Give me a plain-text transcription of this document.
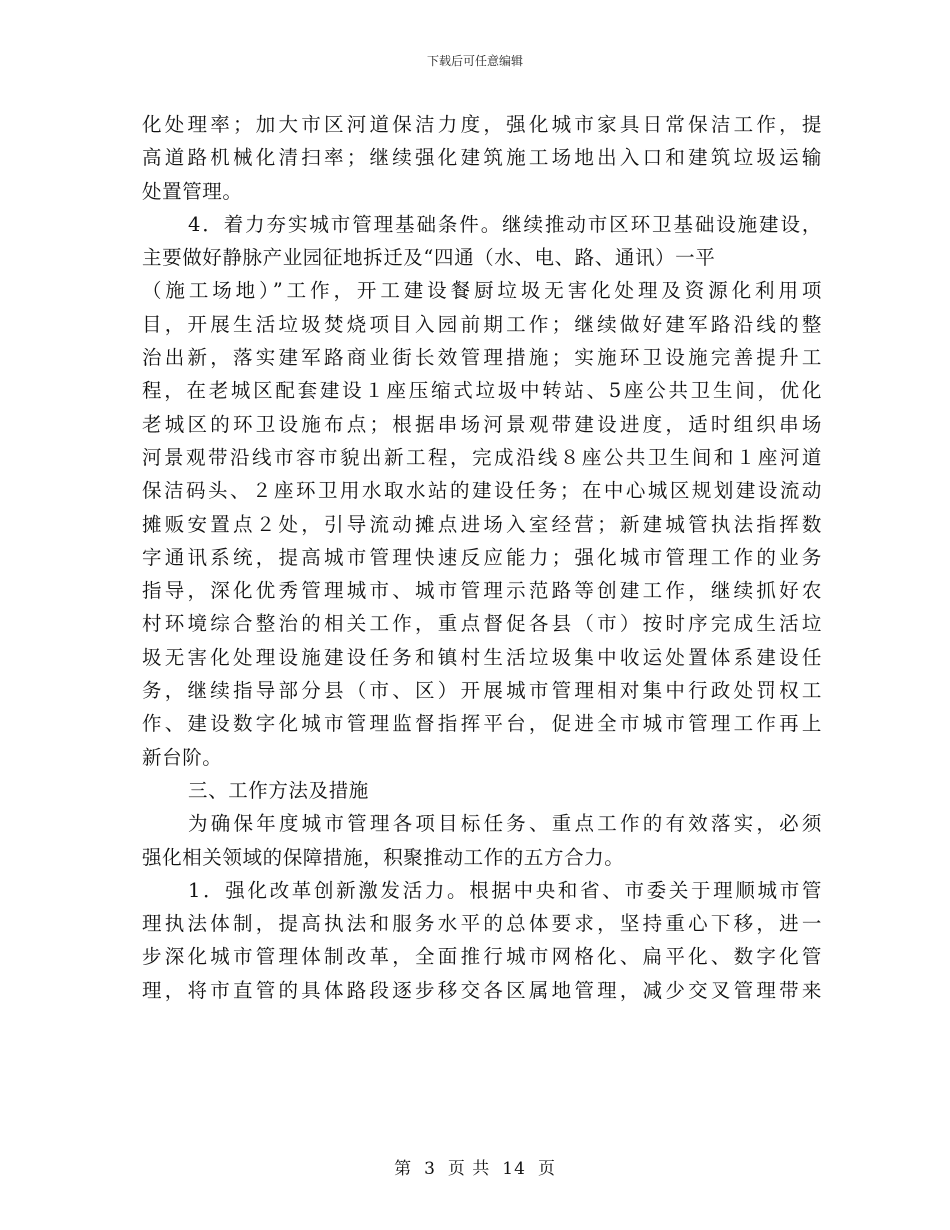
下载后可任意编辑
化处理率；加大市区河道保洁力度，强化城市家具日常保洁工作，提
高道路机械化清扫率；继续强化建筑施工场地出入口和建筑垃圾运输
处置管理。
4．着力夯实城市管理基础条件。继续推动市区环卫基础设施建设，
主要做好静脉产业园征地拆迁及“四通（水、电、路、通讯）一平
（施工场地）”工作，开工建设餐厨垃圾无害化处理及资源化利用项
目，开展生活垃圾焚烧项目入园前期工作；继续做好建军路沿线的整
治出新，落实建军路商业街长效管理措施；实施环卫设施完善提升工
程，在老城区配套建设１座压缩式垃圾中转站、5座公共卫生间，优化
老城区的环卫设施布点；根据串场河景观带建设进度，适时组织串场
河景观带沿线市容市貌出新工程，完成沿线８座公共卫生间和１座河道
保洁码头、２座环卫用水取水站的建设任务；在中心城区规划建设流动
摊贩安置点２处，引导流动摊点进场入室经营；新建城管执法指挥数
字通讯系统，提高城市管理快速反应能力；强化城市管理工作的业务
指导，深化优秀管理城市、城市管理示范路等创建工作，继续抓好农
村环境综合整治的相关工作，重点督促各县（市）按时序完成生活垃
圾无害化处理设施建设任务和镇村生活垃圾集中收运处置体系建设任
务，继续指导部分县（市、区）开展城市管理相对集中行政处罚权工
作、建设数字化城市管理监督指挥平台，促进全市城市管理工作再上
新台阶。
三、工作方法及措施
为确保年度城市管理各项目标任务、重点工作的有效落实，必须
强化相关领域的保障措施，积聚推动工作的五方合力。
1．强化改革创新激发活力。根据中央和省、市委关于理顺城市管
理执法体制，提高执法和服务水平的总体要求，坚持重心下移，进一
步深化城市管理体制改革，全面推行城市网格化、扁平化、数字化管
理，将市直管的具体路段逐步移交各区属地管理，减少交叉管理带来
第 3 页 共 14 页
